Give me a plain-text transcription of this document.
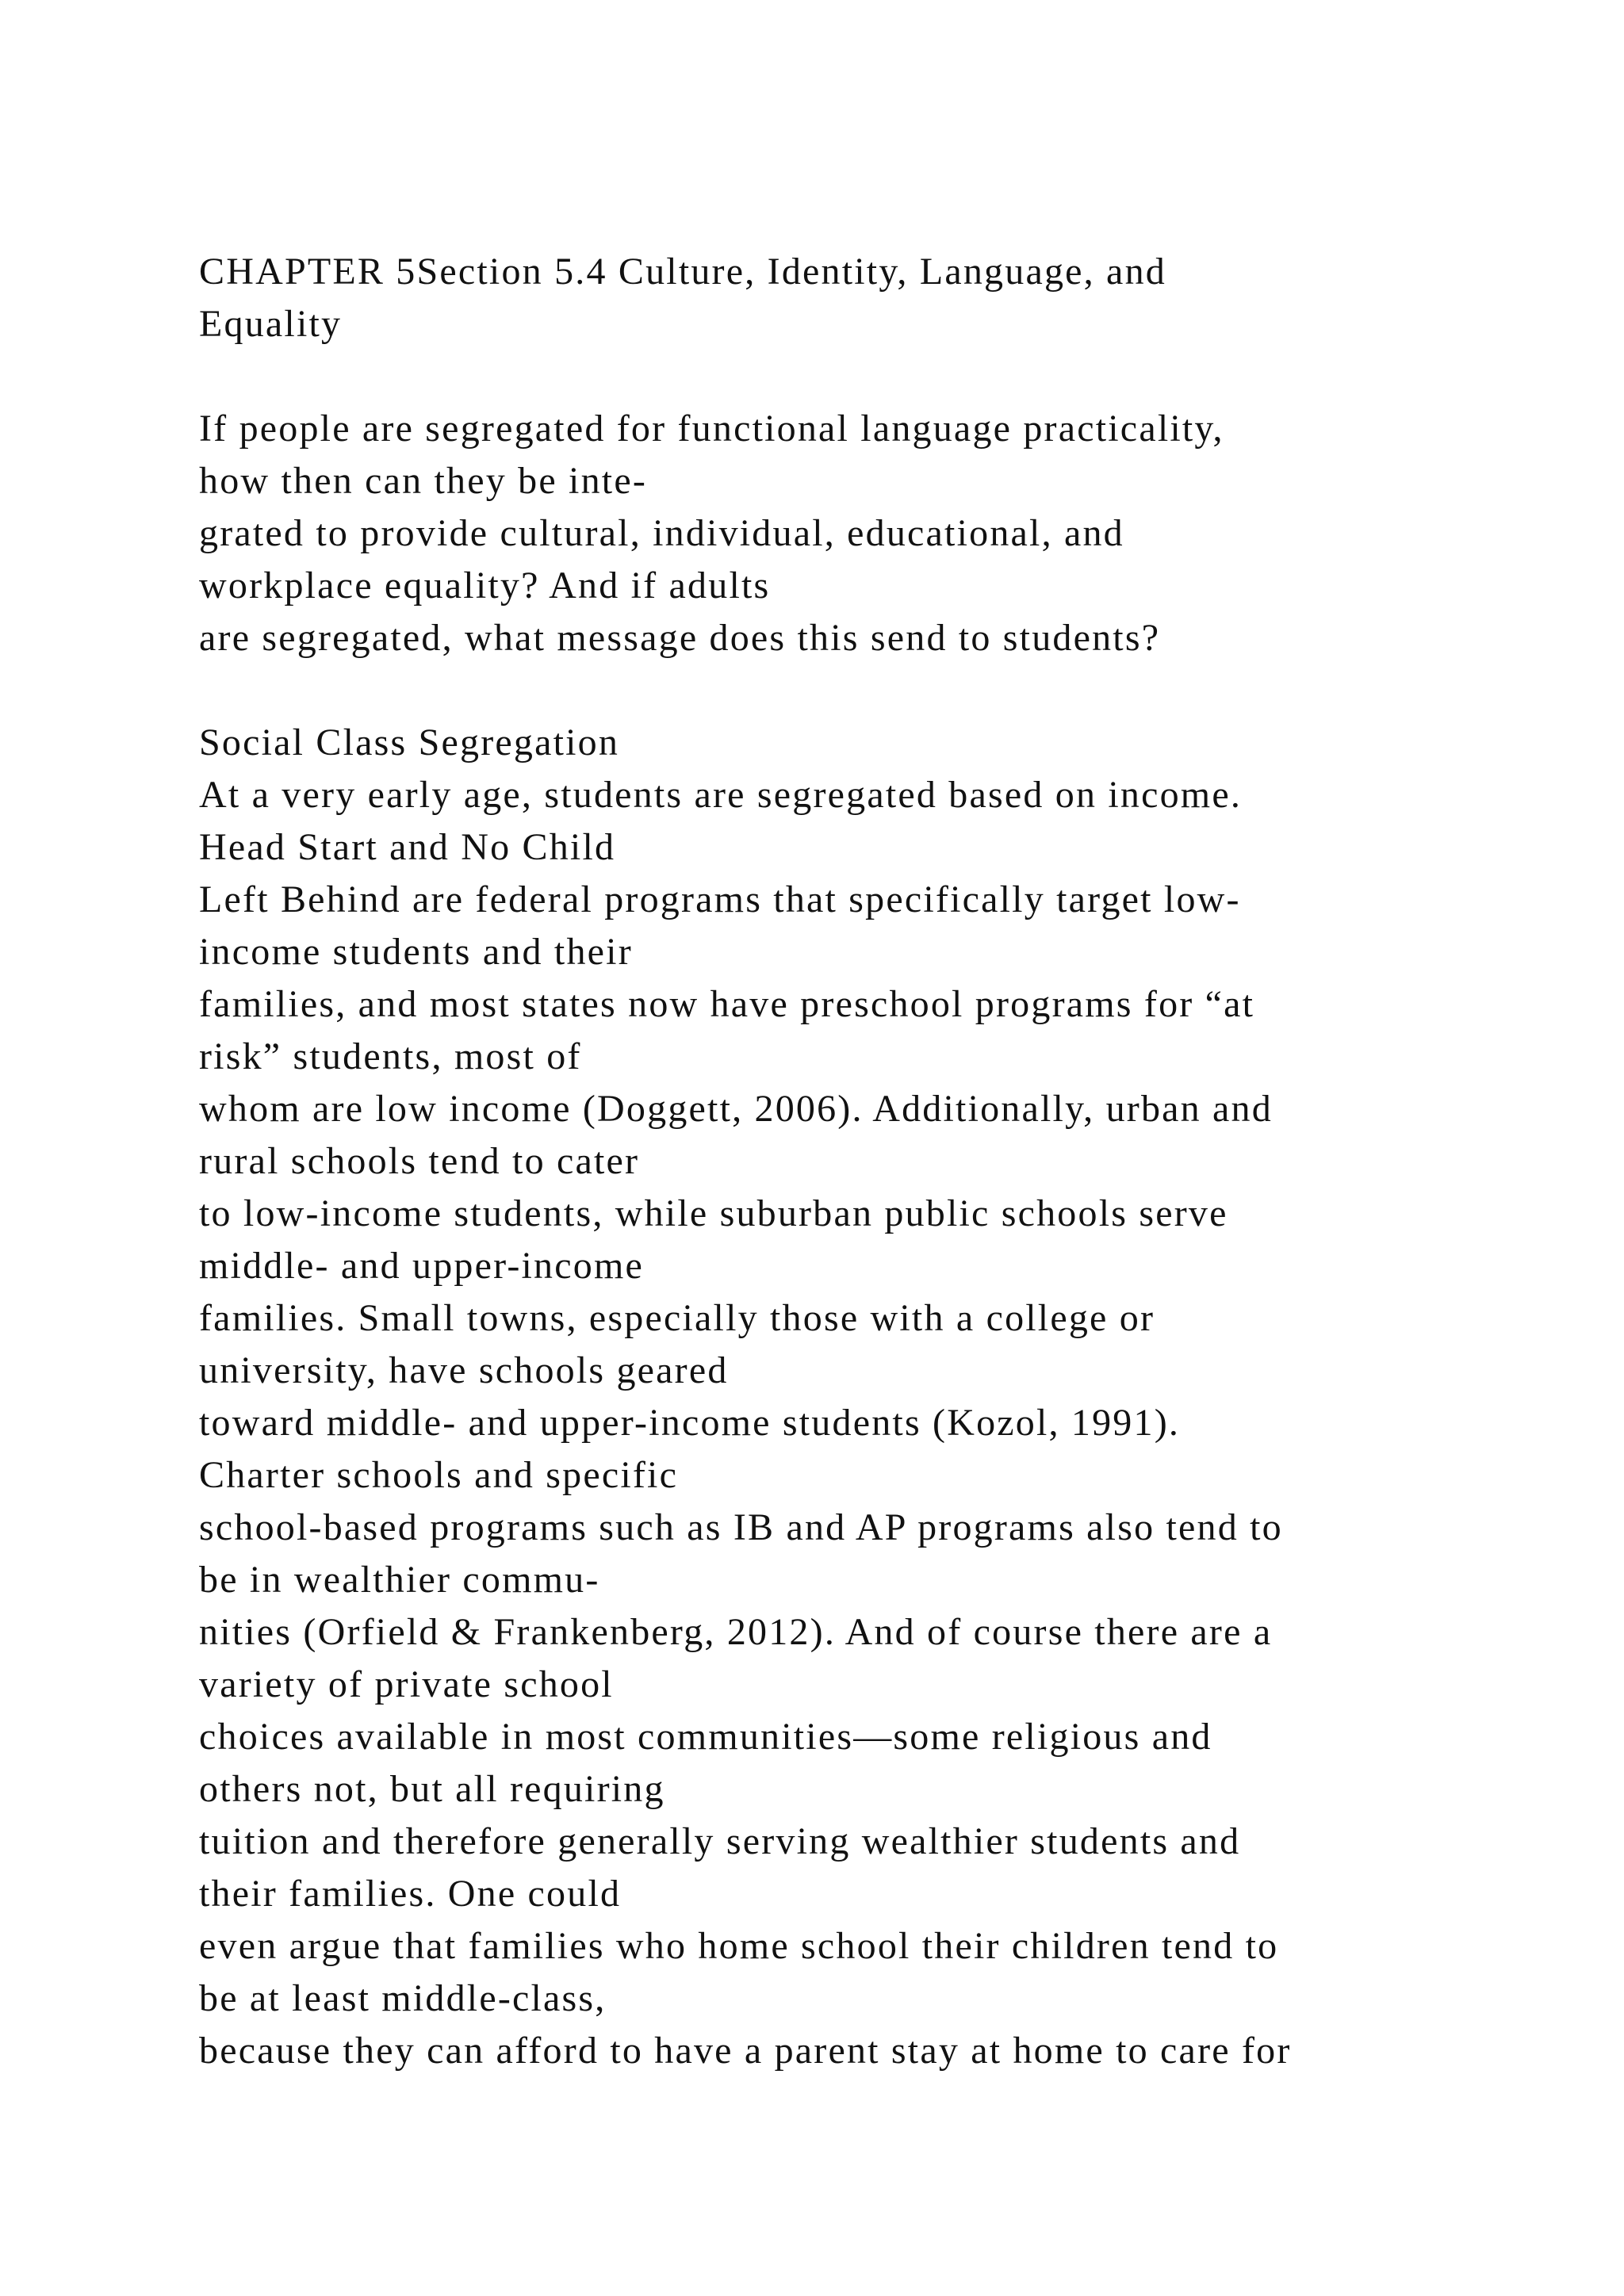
CHAPTER 5Section 5.4 Culture, Identity, Language, and
Equality
If people are segregated for functional language practicality,
how then can they be inte-
grated to provide cultural, individual, educational, and
workplace equality? And if adults
are segregated, what message does this send to students?
Social Class Segregation
At a very early age, students are segregated based on income.
Head Start and No Child
Left Behind are federal programs that specifically target low-
income students and their
families, and most states now have preschool programs for “at
risk” students, most of
whom are low income (Doggett, 2006). Additionally, urban and
rural schools tend to cater
to low-income students, while suburban public schools serve
middle- and upper-income
families. Small towns, especially those with a college or
university, have schools geared
toward middle- and upper-income students (Kozol, 1991).
Charter schools and specific
school-based programs such as IB and AP programs also tend to
be in wealthier commu-
nities (Orfield & Frankenberg, 2012). And of course there are a
variety of private school
choices available in most communities—some religious and
others not, but all requiring
tuition and therefore generally serving wealthier students and
their families. One could
even argue that families who home school their children tend to
be at least middle-class,
because they can afford to have a parent stay at home to care for
